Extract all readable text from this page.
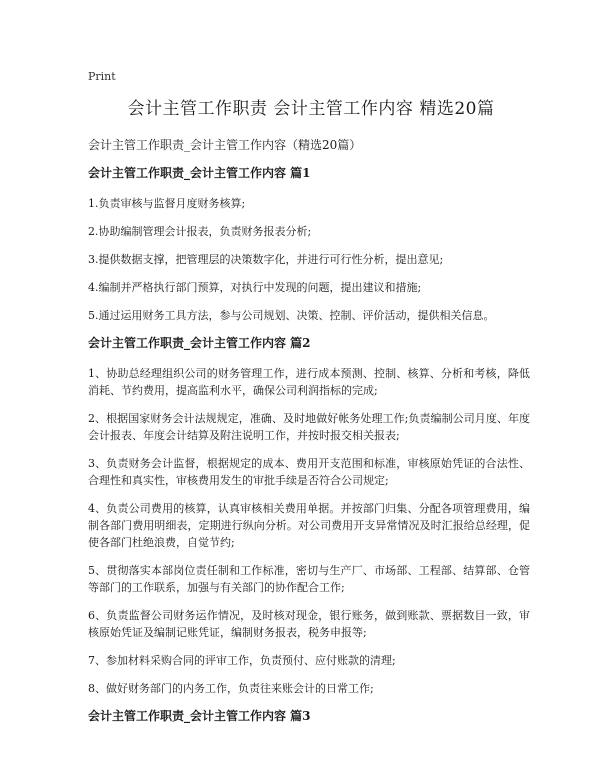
Print
会计主管工作职责 会计主管工作内容 精选20篇
会计主管工作职责_会计主管工作内容（精选20篇）
会计主管工作职责_会计主管工作内容 篇1

1.负责审核与监督月度财务核算;

2.协助编制管理会计报表，负责财务报表分析;

3.提供数据支撑，把管理层的决策数字化，并进行可行性分析，提出意见;

4.编制并严格执行部门预算，对执行中发现的问题，提出建议和措施;

5.通过运用财务工具方法，参与公司规划、决策、控制、评价活动，提供相关信息。

会计主管工作职责_会计主管工作内容 篇2

1、协助总经理组织公司的财务管理工作，进行成本预测、控制、核算、分析和考核，降低消耗、节约费用，提高监利水平，确保公司利润指标的完成;

2、根据国家财务会计法规规定，准确、及时地做好帐务处理工作;负责编制公司月度、年度会计报表、年度会计结算及附注说明工作，并按时报交相关报表;

3、负责财务会计监督，根据规定的成本、费用开支范围和标准，审核原始凭证的合法性、合理性和真实性，审核费用发生的审批手续是否符合公司规定;

4、负责公司费用的核算，认真审核相关费用单据。并按部门归集、分配各项管理费用，编制各部门费用明细表，定期进行纵向分析。对公司费用开支异常情况及时汇报给总经理，促使各部门杜绝浪费，自觉节约;

5、贯彻落实本部岗位责任制和工作标准，密切与生产厂、市场部、工程部、结算部、仓管等部门的工作联系，加强与有关部门的协作配合工作;

6、负责监督公司财务运作情况，及时核对现金，银行账务，做到账款、票据数目一致，审核原始凭证及编制记账凭证，编制财务报表，税务申报等;

7、参加材料采购合同的评审工作，负责预付、应付账款的清理;

8、做好财务部门的内务工作，负责往来账会计的日常工作;

会计主管工作职责_会计主管工作内容 篇3
